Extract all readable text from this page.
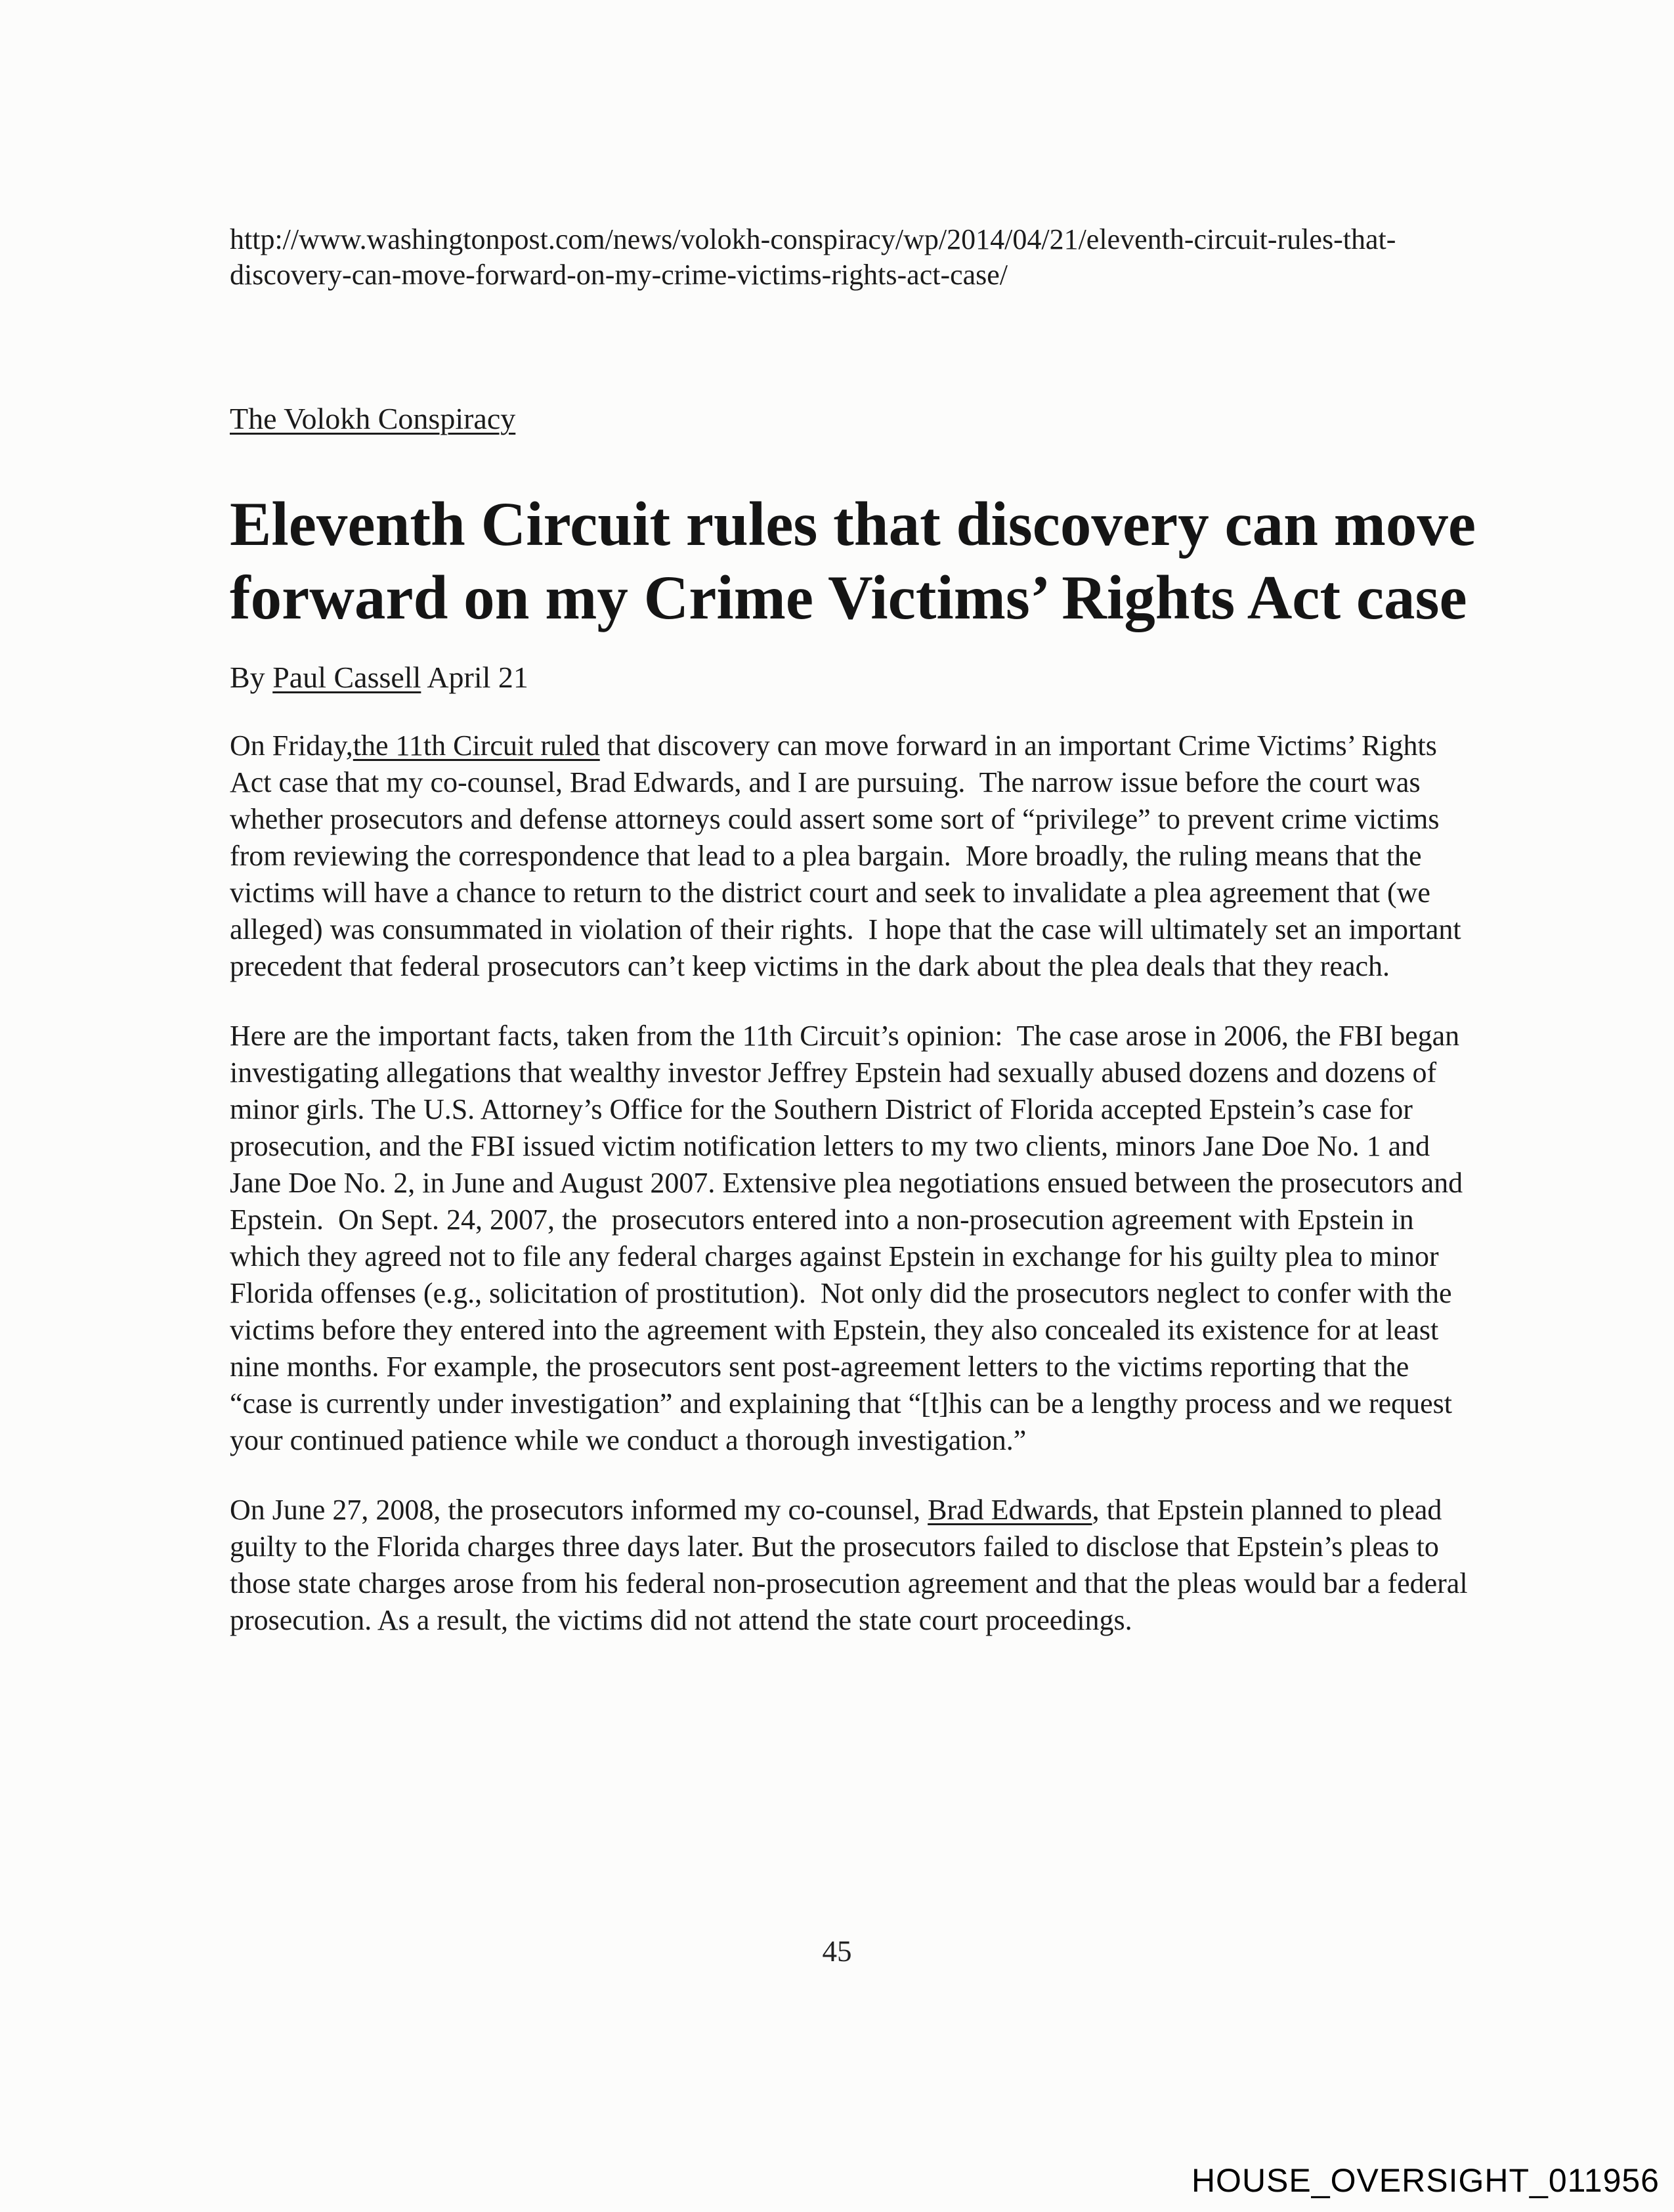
http://www.washingtonpost.com/news/volokh-conspiracy/wp/2014/04/21/eleventh-circuit-rules-that-discovery-can-move-forward-on-my-crime-victims-rights-act-case/
The Volokh Conspiracy
Eleventh Circuit rules that discovery can move forward on my Crime Victims’ Rights Act case
By Paul Cassell April 21

On Friday,the 11th Circuit ruled that discovery can move forward in an important Crime Victims’ Rights Act case that my co-counsel, Brad Edwards, and I are pursuing.  The narrow issue before the court was whether prosecutors and defense attorneys could assert some sort of “privilege” to prevent crime victims from reviewing the correspondence that lead to a plea bargain.  More broadly, the ruling means that the victims will have a chance to return to the district court and seek to invalidate a plea agreement that (we alleged) was consummated in violation of their rights.  I hope that the case will ultimately set an important precedent that federal prosecutors can’t keep victims in the dark about the plea deals that they reach.

Here are the important facts, taken from the 11th Circuit’s opinion:  The case arose in 2006, the FBI began investigating allegations that wealthy investor Jeffrey Epstein had sexually abused dozens and dozens of minor girls. The U.S. Attorney’s Office for the Southern District of Florida accepted Epstein’s case for prosecution, and the FBI issued victim notification letters to my two clients, minors Jane Doe No. 1 and Jane Doe No. 2, in June and August 2007. Extensive plea negotiations ensued between the prosecutors and Epstein.  On Sept. 24, 2007, the  prosecutors entered into a non-prosecution agreement with Epstein in which they agreed not to file any federal charges against Epstein in exchange for his guilty plea to minor Florida offenses (e.g., solicitation of prostitution).  Not only did the prosecutors neglect to confer with the victims before they entered into the agreement with Epstein, they also concealed its existence for at least nine months. For example, the prosecutors sent post-agreement letters to the victims reporting that the “case is currently under investigation” and explaining that “[t]his can be a lengthy process and we request your continued patience while we conduct a thorough investigation.”

On June 27, 2008, the prosecutors informed my co-counsel, Brad Edwards, that Epstein planned to plead guilty to the Florida charges three days later. But the prosecutors failed to disclose that Epstein’s pleas to those state charges arose from his federal non-prosecution agreement and that the pleas would bar a federal prosecution. As a result, the victims did not attend the state court proceedings.

45
HOUSE_OVERSIGHT_011956
